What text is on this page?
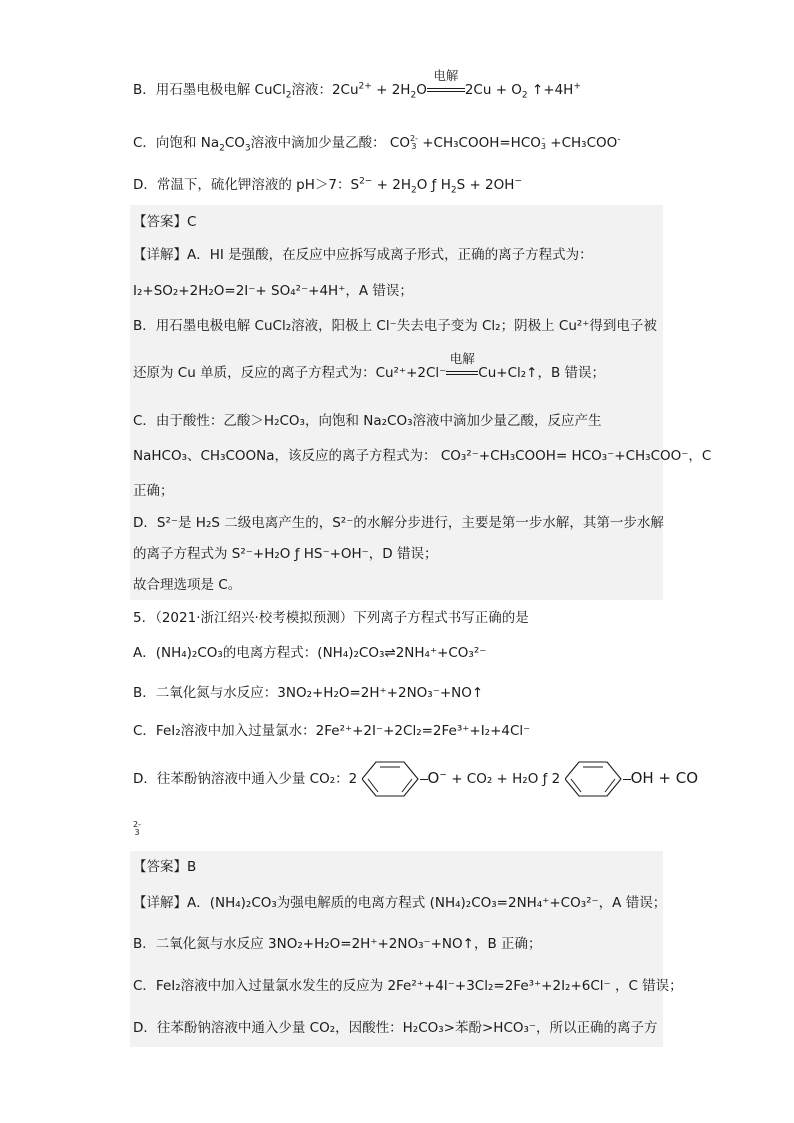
B．用石墨电极电解 CuCl$_2$溶液：$2Cu^{2+} + 2H_2O$
电解
$2Cu + O_2$ ↑+4H+
C．向饱和 $Na_2CO_3$溶液中滴加少量乙酸： CO2-
3 +CH₃COOH=HCO-
3 +CH₃COO-
D．常温下，硫化钾溶液的 pH＞7：$S^{2-} + 2H_2O$ ƒ $H_2S + 2OH^-$
【答案】C
【详解】A．HI 是强酸，在反应中应拆写成离子形式，正确的离子方程式为：
I₂+SO₂+2H₂O=2I⁻+ SO₄²⁻+4H⁺，A 错误；
B．用石墨电极电解 CuCl₂溶液，阳极上 Cl⁻失去电子变为 Cl₂；阴极上 Cu²⁺得到电子被
还原为 Cu 单质，反应的离子方程式为：Cu²⁺+2Cl⁻
电解
Cu+Cl₂↑，B 错误；
C．由于酸性：乙酸＞H₂CO₃，向饱和 Na₂CO₃溶液中滴加少量乙酸，反应产生
NaHCO₃、CH₃COONa，该反应的离子方程式为： CO₃²⁻+CH₃COOH= HCO₃⁻+CH₃COO⁻，C
正确；
D．S²⁻是 H₂S 二级电离产生的，S²⁻的水解分步进行，主要是第一步水解，其第一步水解
的离子方程式为 S²⁻+H₂O ƒ HS⁻+OH⁻，D 错误；
故合理选项是 C。
5．（2021·浙江绍兴·校考模拟预测）下列离子方程式书写正确的是
A．(NH₄)₂CO₃的电离方程式：(NH₄)₂CO₃⇌2NH₄⁺+CO₃²⁻
B．二氧化氮与水反应：3NO₂+H₂O=2H⁺+2NO₃⁻+NO↑
C．FeI₂溶液中加入过量氯水：2Fe²⁺+2I⁻+2Cl₂=2Fe³⁺+I₂+4Cl⁻
D．往苯酚钠溶液中通入少量 CO₂：2	O− + CO₂ + H₂O ƒ 2	OH + CO
2-
3
【答案】B
【详解】A．(NH₄)₂CO₃为强电解质的电离方程式 (NH₄)₂CO₃=2NH₄⁺+CO₃²⁻，A 错误；
B．二氧化氮与水反应 3NO₂+H₂O=2H⁺+2NO₃⁻+NO↑，B 正确；
C．FeI₂溶液中加入过量氯水发生的反应为 2Fe²⁺+4I⁻+3Cl₂=2Fe³⁺+2I₂+6Cl⁻ ，C 错误；
D．往苯酚钠溶液中通入少量 CO₂，因酸性：H₂CO₃>苯酚>HCO₃⁻，所以正确的离子方
